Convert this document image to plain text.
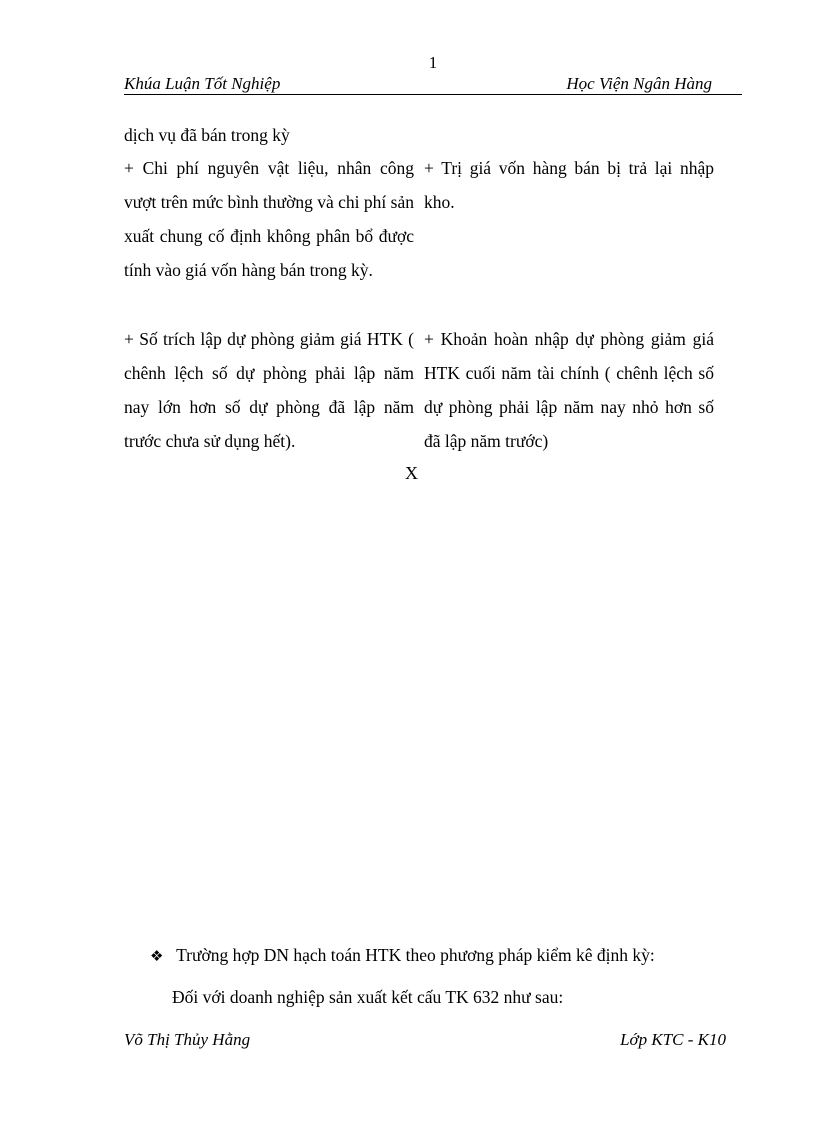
1
Khúa Luận Tốt Nghiệp	Học Viện Ngân Hàng
dịch vụ đã bán trong kỳ
+ Chi phí nguyên vật liệu, nhân công vượt trên mức bình thường và chi phí sản xuất chung cố định không phân bổ được tính vào giá vốn hàng bán trong kỳ.
+ Trị giá vốn hàng bán bị trả lại nhập kho.
+ Số trích lập dự phòng giảm giá HTK ( chênh lệch số dự phòng phải lập năm nay lớn hơn số dự phòng đã lập năm trước chưa sử dụng hết).
+ Khoản hoàn nhập dự phòng giảm giá HTK cuối năm tài chính ( chênh lệch số dự phòng phải lập năm nay nhỏ hơn số đã lập năm trước)
X
❖ Trường hợp DN hạch toán HTK theo phương pháp kiểm kê định kỳ:
Đối với doanh nghiệp sản xuất kết cấu TK 632 như sau:
Võ Thị Thủy Hằng	Lớp KTC - K10
